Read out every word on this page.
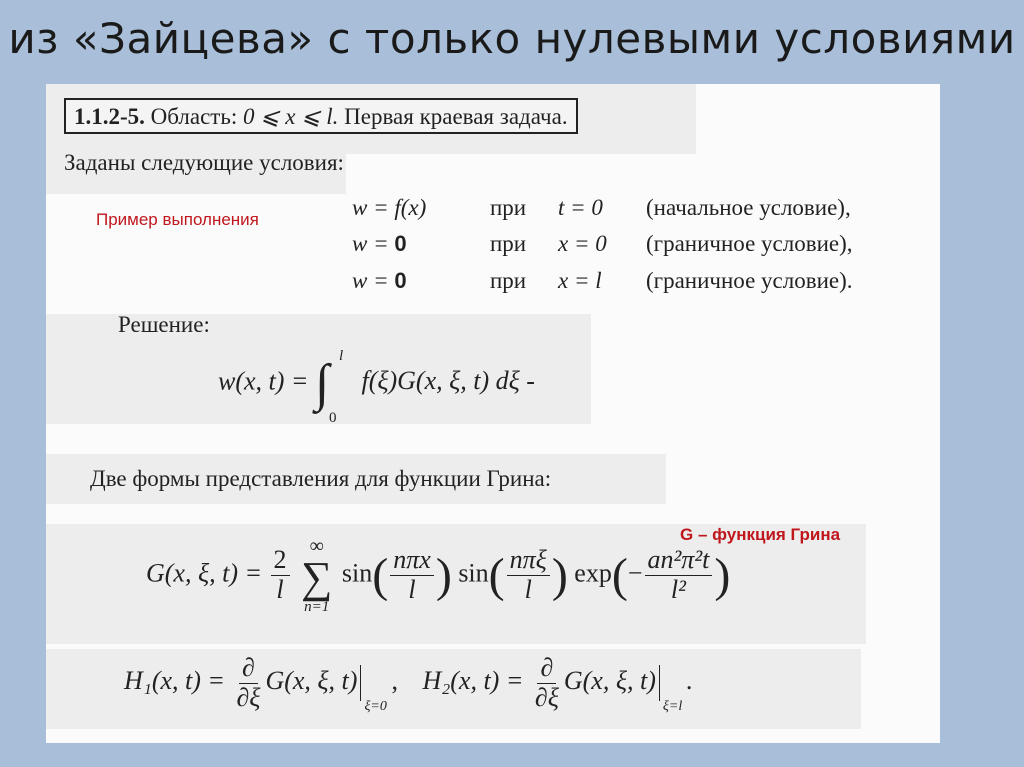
из «Зайцева» с только нулевыми условиями
1.1.2-5. Область: 0 ⩽ x ⩽ l. Первая краевая задача.
Заданы следующие условия:
Пример выполнения	w = f(x)	при t = 0 (начальное условие),
w = 0	при x = 0 (граничное условие),
w = 0	при x = l (граничное условие).
Решение:
w(x, t) = ∫ l
0
f(ξ)G(x, ξ, t) dξ -
Две формы представления для функции Грина:
G – функция Грина
G(x, ξ, $t) = \frac{2}{l}$

∞
∑
n=1
$\sin( \frac{\text{nπx}}{l}$ ) $\sin( \frac{\text{nπξ}}{l}$ ) $\exp(- \frac{\text{an²π²t}}{\text{l²}}$ )
H₁(x, $t) = \frac{\partial}{\partial\xi} G(x$, ξ, t)
ξ=0
, H₂(x, $t) = \frac{\partial}{\partial\xi} G(x$, ξ, t)
ξ=l
.
